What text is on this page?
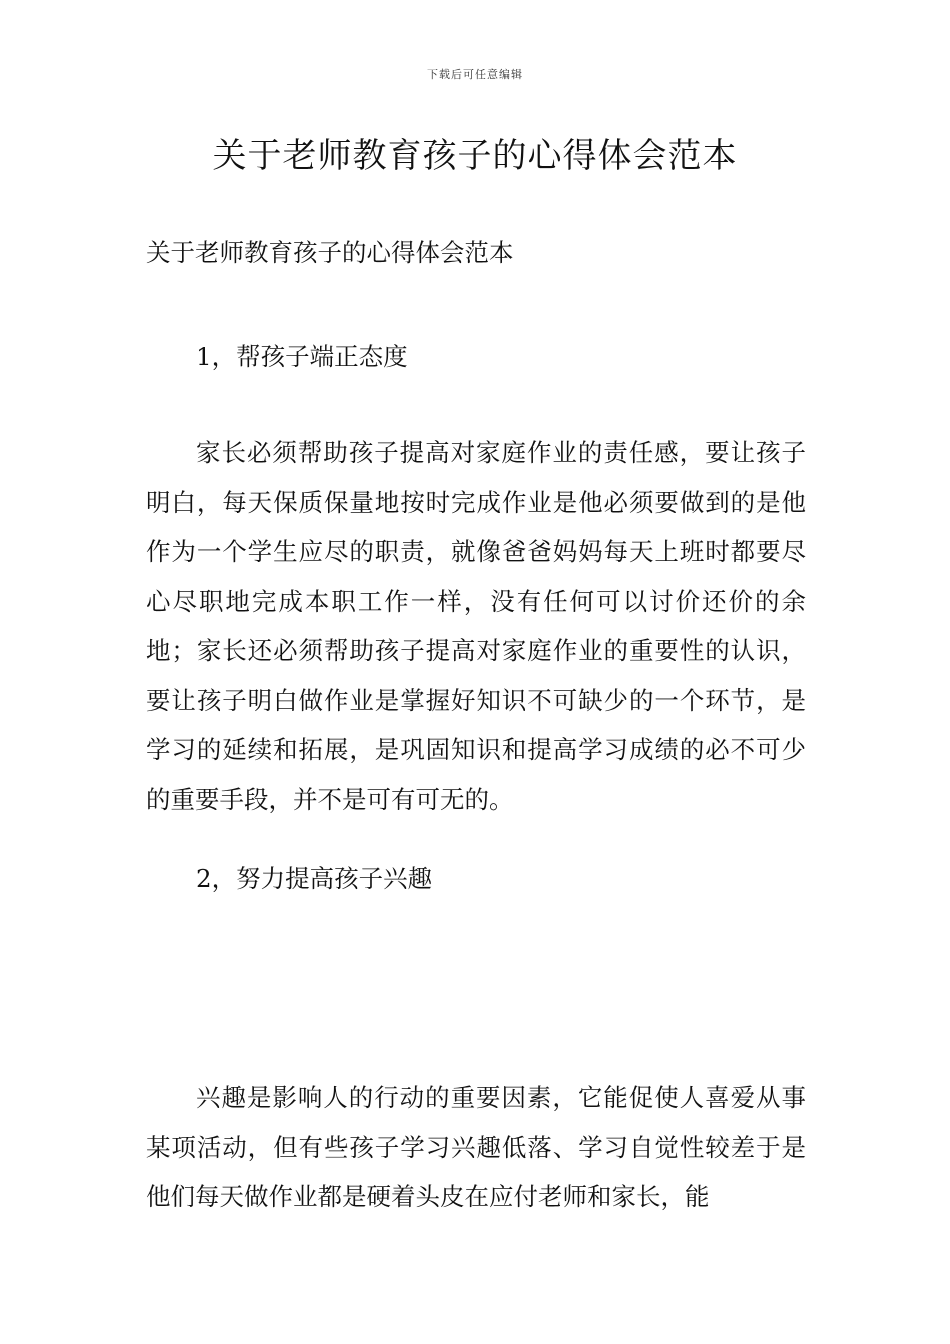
下载后可任意编辑
关于老师教育孩子的心得体会范本

关于老师教育孩子的心得体会范本

1，帮孩子端正态度

家长必须帮助孩子提高对家庭作业的责任感，要让孩子明白，每天保质保量地按时完成作业是他必须要做到的是他作为一个学生应尽的职责，就像爸爸妈妈每天上班时都要尽心尽职地完成本职工作一样，没有任何可以讨价还价的余地；家长还必须帮助孩子提高对家庭作业的重要性的认识，要让孩子明白做作业是掌握好知识不可缺少的一个环节，是学习的延续和拓展，是巩固知识和提高学习成绩的必不可少的重要手段，并不是可有可无的。

2，努力提高孩子兴趣

兴趣是影响人的行动的重要因素，它能促使人喜爱从事某项活动，但有些孩子学习兴趣低落、学习自觉性较差于是他们每天做作业都是硬着头皮在应付老师和家长，能
